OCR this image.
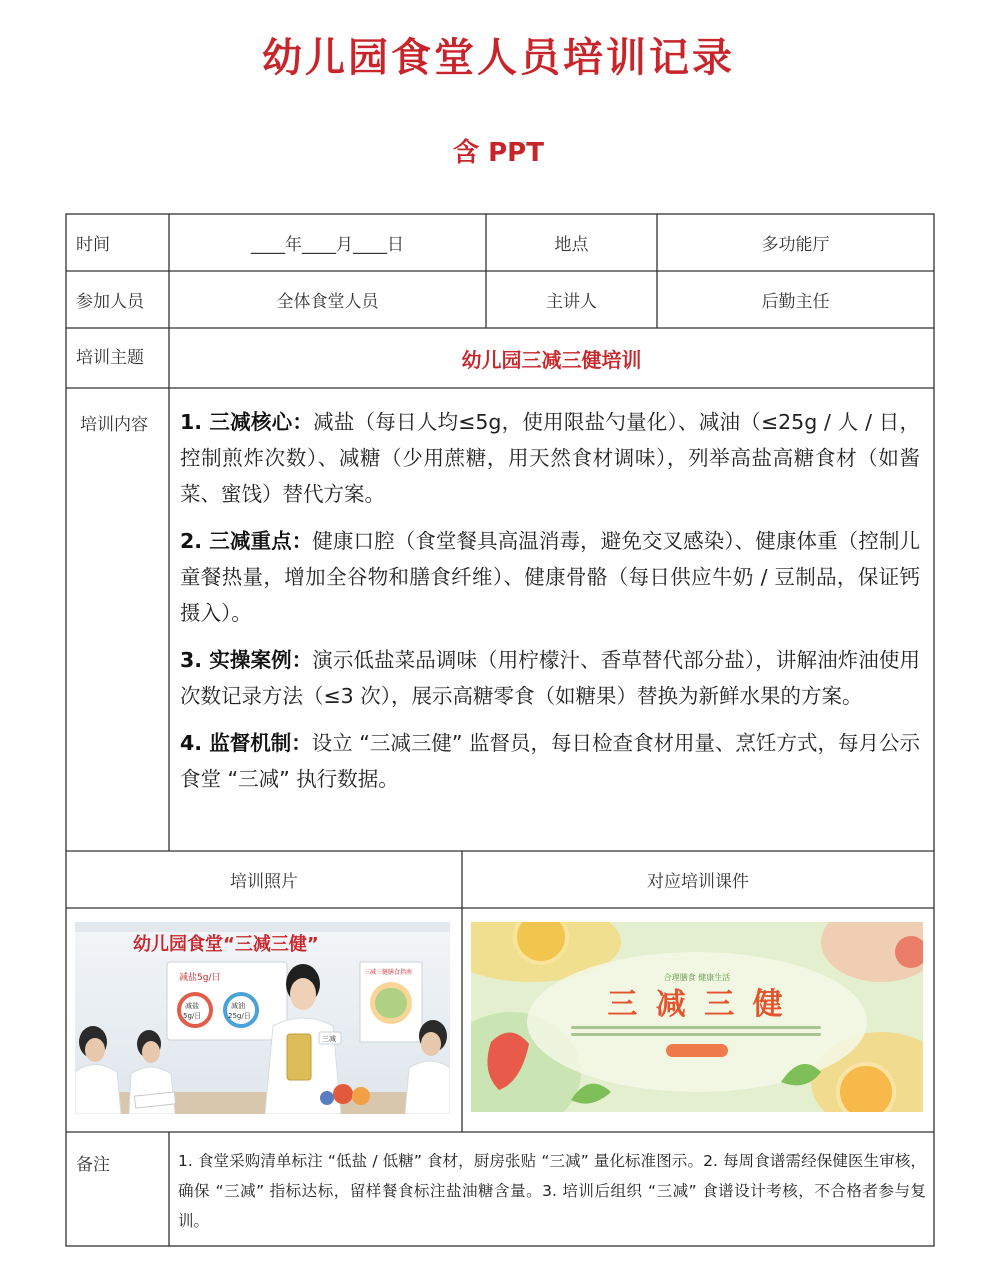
幼儿园食堂人员培训记录
含 PPT
时间	____年____月____日	地点	多功能厅
参加人员	全体食堂人员	主讲人	后勤主任
培训主题	幼儿园三减三健培训
培训内容 1. 三减核心：减盐（每日人均≤5g，使用限盐勺量化）、减油（≤25g / 人 / 日，控制煎炸次数）、减糖（少用蔗糖，用天然食材调味），列举高盐高糖食材（如酱菜、蜜饯）替代方案。

2. 三减重点：健康口腔（食堂餐具高温消毒，避免交叉感染）、健康体重（控制儿童餐热量，增加全谷物和膳食纤维）、健康骨骼（每日供应牛奶 / 豆制品，保证钙摄入）。

3. 实操案例：演示低盐菜品调味（用柠檬汁、香草替代部分盐），讲解油炸油使用次数记录方法（≤3 次），展示高糖零食（如糖果）替换为新鲜水果的方案。

4. 监督机制：设立 “三减三健” 监督员，每日检查食材用量、烹饪方式，每月公示食堂 “三减” 执行数据。

培训照片	对应培训课件
减盐5g/日
减盐
5g/日
减油
25g/日
三减三健膳食指南
幼儿园食堂“三减三健”
三减
合理膳食 健康生活
三 减 三 健
备注	1. 食堂采购清单标注 “低盐 / 低糖” 食材，厨房张贴 “三减” 量化标准图示。2. 每周食谱需经保健医生审核，确保 “三减” 指标达标，留样餐食标注盐油糖含量。3. 培训后组织 “三减” 食谱设计考核，不合格者参与复训。
